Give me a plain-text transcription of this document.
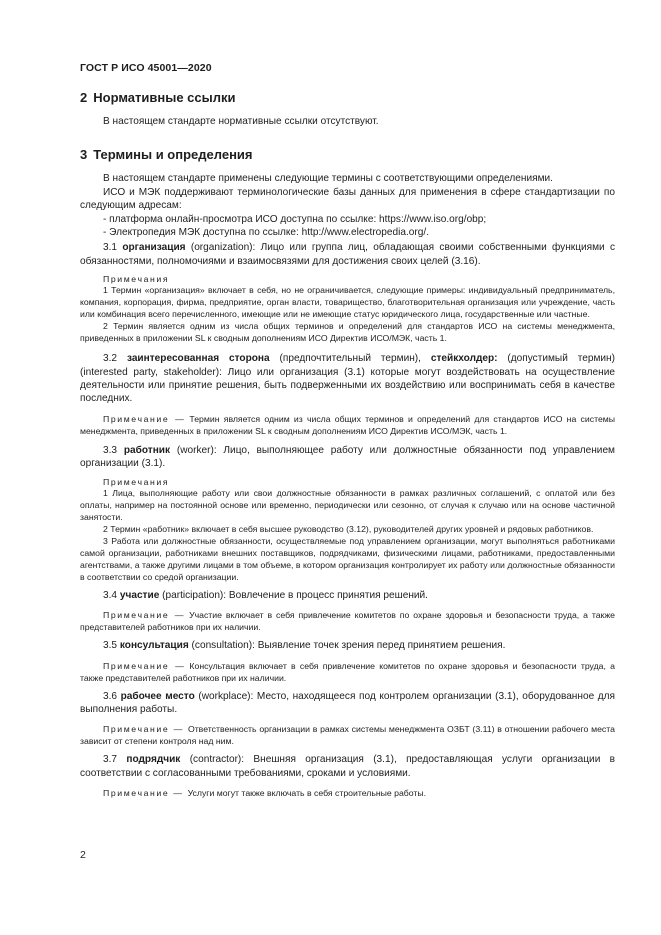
ГОСТ Р ИСО 45001—2020
2 Нормативные ссылки

В настоящем стандарте нормативные ссылки отсутствуют.

3 Термины и определения

В настоящем стандарте применены следующие термины с соответствующими определениями.

ИСО и МЭК поддерживают терминологические базы данных для применения в сфере стандартизации по следующим адресам:

- платформа онлайн-просмотра ИСО доступна по ссылке: https://www.iso.org/obp;

- Электропедия МЭК доступна по ссылке: http://www.electropedia.org/.

3.1 организация (organization): Лицо или группа лиц, обладающая своими собственными функциями с обязанностями, полномочиями и взаимосвязями для достижения своих целей (3.16).

Примечания

1 Термин «организация» включает в себя, но не ограничивается, следующие примеры: индивидуальный предприниматель, компания, корпорация, фирма, предприятие, орган власти, товарищество, благотворительная организация или учреждение, часть или комбинация всего перечисленного, имеющие или не имеющие статус юридического лица, государственные или частные.

2 Термин является одним из числа общих терминов и определений для стандартов ИСО на системы менеджмента, приведенных в приложении SL к сводным дополнениям ИСО Директив ИСО/МЭК, часть 1.

3.2 заинтересованная сторона (предпочтительный термин), стейкхолдер: (допустимый термин) (interested party, stakeholder): Лицо или организация (3.1) которые могут воздействовать на осуществление деятельности или принятие решения, быть подверженными их воздействию или воспринимать себя в качестве последних.

Примечание — Термин является одним из числа общих терминов и определений для стандартов ИСО на системы менеджмента, приведенных в приложении SL к сводным дополнениям ИСО Директив ИСО/МЭК, часть 1.

3.3 работник (worker): Лицо, выполняющее работу или должностные обязанности под управлением организации (3.1).

Примечания

1 Лица, выполняющие работу или свои должностные обязанности в рамках различных соглашений, с оплатой или без оплаты, например на постоянной основе или временно, периодически или сезонно, от случая к случаю или на основе частичной занятости.

2 Термин «работник» включает в себя высшее руководство (3.12), руководителей других уровней и рядовых работников.

3 Работа или должностные обязанности, осуществляемые под управлением организации, могут выполняться работниками самой организации, работниками внешних поставщиков, подрядчиками, физическими лицами, работниками, предоставленными агентствами, а также другими лицами в том объеме, в котором организация контролирует их работу или должностные обязанности в соответствии со средой организации.

3.4 участие (participation): Вовлечение в процесс принятия решений.

Примечание — Участие включает в себя привлечение комитетов по охране здоровья и безопасности труда, а также представителей работников при их наличии.

3.5 консультация (consultation): Выявление точек зрения перед принятием решения.

Примечание — Консультация включает в себя привлечение комитетов по охране здоровья и безопасности труда, а также представителей работников при их наличии.

3.6 рабочее место (workplace): Место, находящееся под контролем организации (3.1), оборудованное для выполнения работы.

Примечание — Ответственность организации в рамках системы менеджмента ОЗБТ (3.11) в отношении рабочего места зависит от степени контроля над ним.

3.7 подрядчик (contractor): Внешняя организация (3.1), предоставляющая услуги организации в соответствии с согласованными требованиями, сроками и условиями.

Примечание — Услуги могут также включать в себя строительные работы.

2
